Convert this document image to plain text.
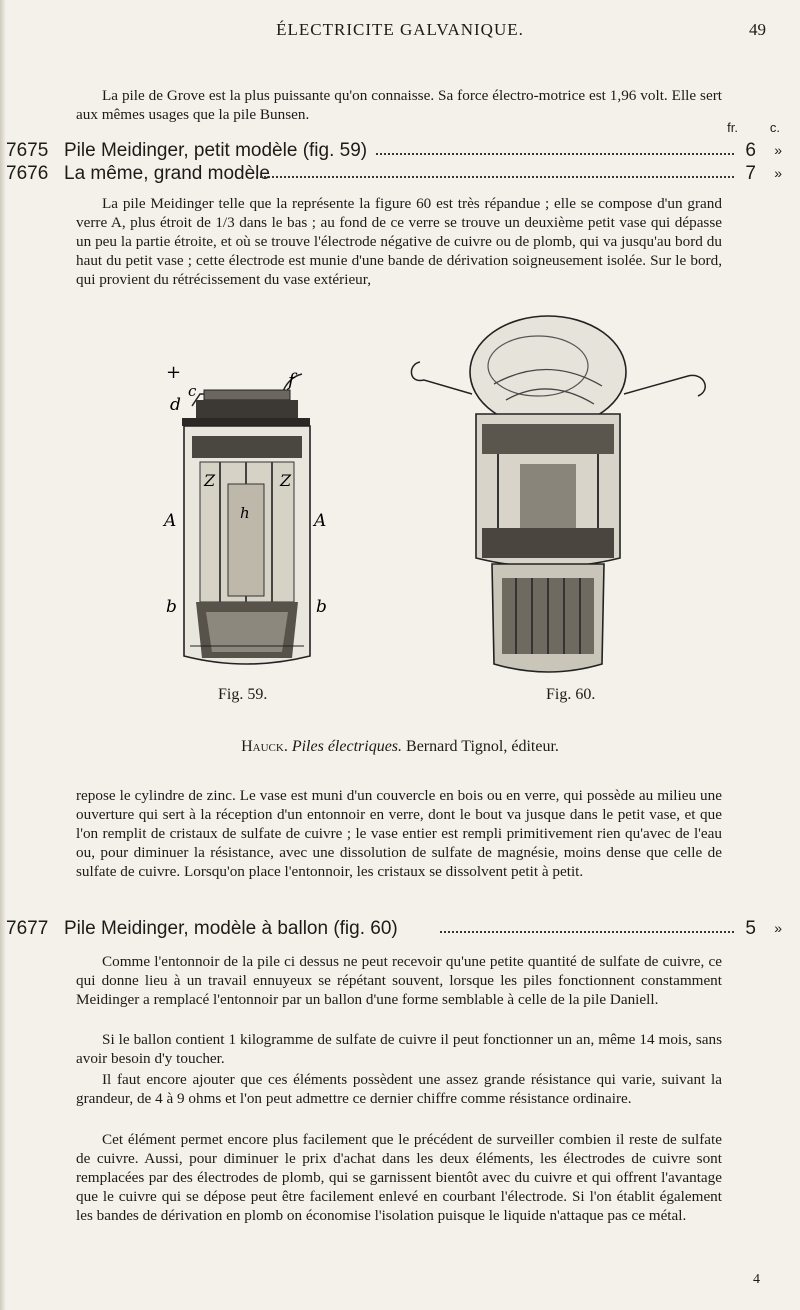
ÉLECTRICITE GALVANIQUE.	49

La pile de Grove est la plus puissante qu'on connaisse. Sa force électro-motrice est 1,96 volt. Elle sert aux mêmes usages que la pile Bunsen.

fr. c.
7675 Pile Meidinger, petit modèle (fig. 59)	6 »
7676 La même, grand modèle	7 »

La pile Meidinger telle que la représente la figure 60 est très répandue ; elle se compose d'un grand verre A, plus étroit de 1/3 dans le bas ; au fond de ce verre se trouve un deuxième petit vase qui dépasse un peu la partie étroite, et où se trouve l'électrode négative de cuivre ou de plomb, qui va jusqu'au bord du haut du petit vase ; cette électrode est munie d'une bande de dérivation soigneusement isolée. Sur le bord, qui provient du rétrécissement du vase extérieur,

+	f
d
c
A	A
Z	Z
h
b	b
Fig. 59.	Fig. 60.
Hauck. Piles électriques. Bernard Tignol, éditeur.

repose le cylindre de zinc. Le vase est muni d'un couvercle en bois ou en verre, qui possède au milieu une ouverture qui sert à la réception d'un entonnoir en verre, dont le bout va jusque dans le petit vase, et que l'on remplit de cristaux de sulfate de cuivre ; le vase entier est rempli primitivement rien qu'avec de l'eau ou, pour diminuer la résistance, avec une dissolution de sulfate de magnésie, moins dense que celle de sulfate de cuivre. Lorsqu'on place l'entonnoir, les cristaux se dissolvent petit à petit.

7677 Pile Meidinger, modèle à ballon (fig. 60)	5 »

Comme l'entonnoir de la pile ci dessus ne peut recevoir qu'une petite quantité de sulfate de cuivre, ce qui donne lieu à un travail ennuyeux se répétant souvent, lorsque les piles fonctionnent constamment Meidinger a remplacé l'entonnoir par un ballon d'une forme semblable à celle de la pile Daniell.

Si le ballon contient 1 kilogramme de sulfate de cuivre il peut fonctionner un an, même 14 mois, sans avoir besoin d'y toucher.

Il faut encore ajouter que ces éléments possèdent une assez grande résistance qui varie, suivant la grandeur, de 4 à 9 ohms et l'on peut admettre ce dernier chiffre comme résistance ordinaire.

Cet élément permet encore plus facilement que le précédent de surveiller combien il reste de sulfate de cuivre. Aussi, pour diminuer le prix d'achat dans les deux éléments, les électrodes de cuivre sont remplacées par des électrodes de plomb, qui se garnissent bientôt avec du cuivre et qui offrent l'avantage que le cuivre qui se dépose peut être facilement enlevé en courbant l'électrode. Si l'on établit également les bandes de dérivation en plomb on économise l'isolation puisque le liquide n'attaque pas ce métal.

4
